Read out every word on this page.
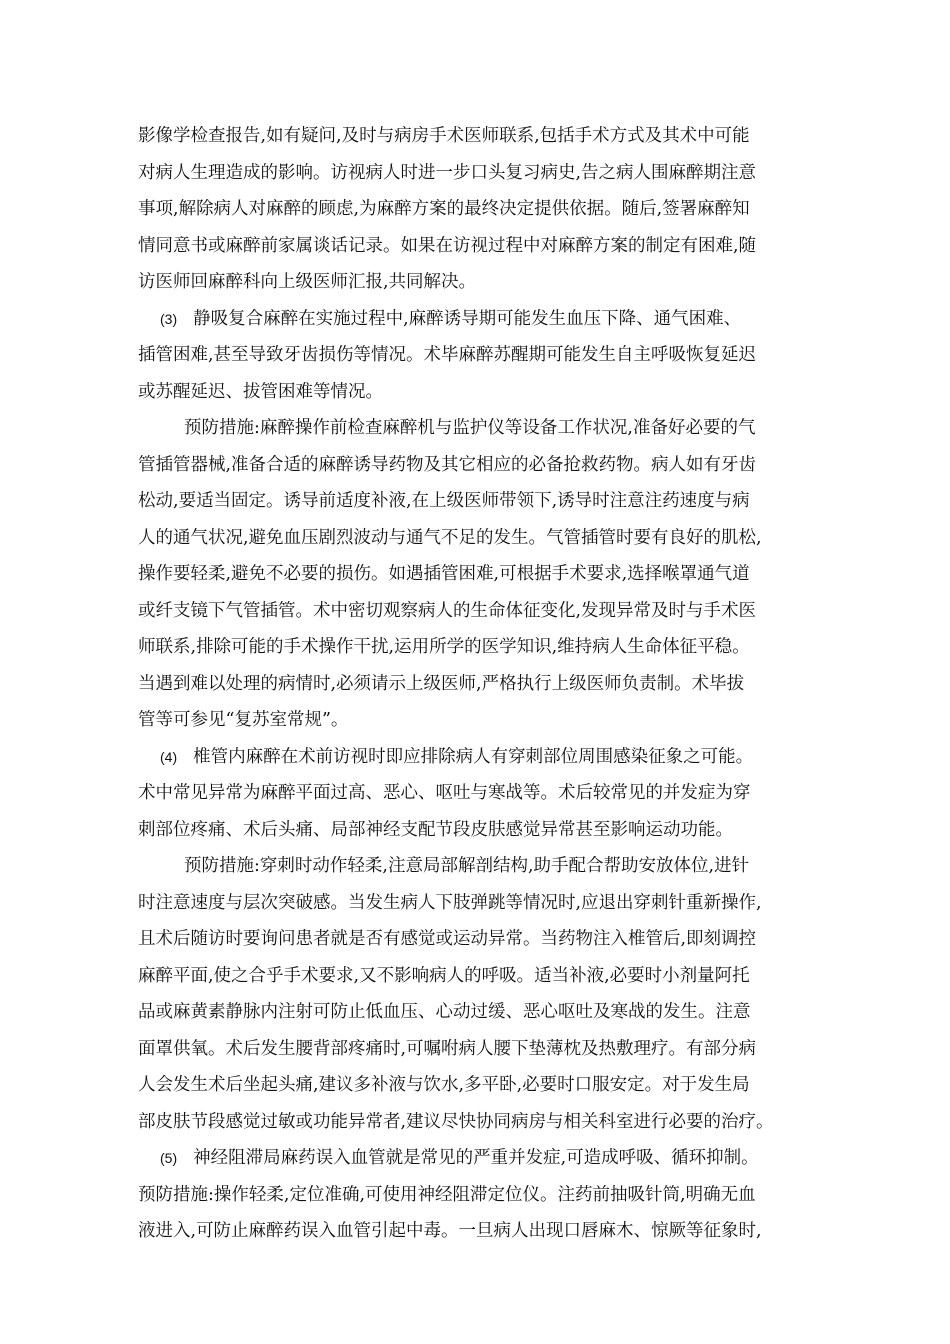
影像学检查报告,如有疑问,及时与病房手术医师联系,包括手术方式及其术中可能
对病人生理造成的影响。访视病人时进一步口头复习病史,告之病人围麻醉期注意
事项,解除病人对麻醉的顾虑,为麻醉方案的最终决定提供依据。随后,签署麻醉知
情同意书或麻醉前家属谈话记录。如果在访视过程中对麻醉方案的制定有困难,随
访医师回麻醉科向上级医师汇报,共同解决。

(3) 静吸复合麻醉在实施过程中,麻醉诱导期可能发生血压下降、通气困难、
插管困难,甚至导致牙齿损伤等情况。术毕麻醉苏醒期可能发生自主呼吸恢复延迟
或苏醒延迟、拔管困难等情况。

预防措施:麻醉操作前检查麻醉机与监护仪等设备工作状况,准备好必要的气
管插管器械,准备合适的麻醉诱导药物及其它相应的必备抢救药物。病人如有牙齿
松动,要适当固定。诱导前适度补液,在上级医师带领下,诱导时注意注药速度与病
人的通气状况,避免血压剧烈波动与通气不足的发生。气管插管时要有良好的肌松,
操作要轻柔,避免不必要的损伤。如遇插管困难,可根据手术要求,选择喉罩通气道
或纤支镜下气管插管。术中密切观察病人的生命体征变化,发现异常及时与手术医
师联系,排除可能的手术操作干扰,运用所学的医学知识,维持病人生命体征平稳。
当遇到难以处理的病情时,必须请示上级医师,严格执行上级医师负责制。术毕拔
管等可参见“复苏室常规”。

(4) 椎管内麻醉在术前访视时即应排除病人有穿刺部位周围感染征象之可能。
术中常见异常为麻醉平面过高、恶心、呕吐与寒战等。术后较常见的并发症为穿
刺部位疼痛、术后头痛、局部神经支配节段皮肤感觉异常甚至影响运动功能。

预防措施:穿刺时动作轻柔,注意局部解剖结构,助手配合帮助安放体位,进针
时注意速度与层次突破感。当发生病人下肢弹跳等情况时,应退出穿刺针重新操作,
且术后随访时要询问患者就是否有感觉或运动异常。当药物注入椎管后,即刻调控
麻醉平面,使之合乎手术要求,又不影响病人的呼吸。适当补液,必要时小剂量阿托
品或麻黄素静脉内注射可防止低血压、心动过缓、恶心呕吐及寒战的发生。注意
面罩供氧。术后发生腰背部疼痛时,可嘱咐病人腰下垫薄枕及热敷理疗。有部分病
人会发生术后坐起头痛,建议多补液与饮水,多平卧,必要时口服安定。对于发生局
部皮肤节段感觉过敏或功能异常者,建议尽快协同病房与相关科室进行必要的治疗。

(5) 神经阻滞局麻药误入血管就是常见的严重并发症,可造成呼吸、循环抑制。
预防措施:操作轻柔,定位准确,可使用神经阻滞定位仪。注药前抽吸针筒,明确无血
液进入,可防止麻醉药误入血管引起中毒。一旦病人出现口唇麻木、惊厥等征象时,
